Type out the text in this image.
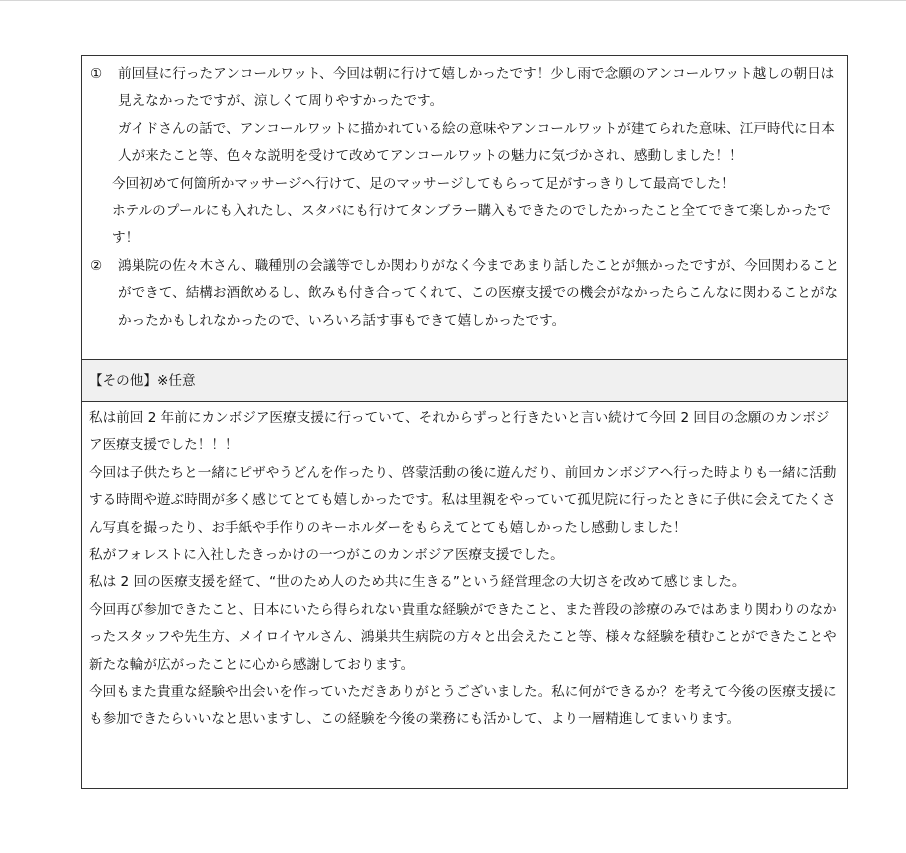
① 前回昼に行ったアンコールワット、今回は朝に行けて嬉しかったです！少し雨で念願のアンコールワット越しの朝日は見えなかったですが、涼しくて周りやすかったです。

ガイドさんの話で、アンコールワットに描かれている絵の意味やアンコールワットが建てられた意味、江戸時代に日本人が来たこと等、色々な説明を受けて改めてアンコールワットの魅力に気づかされ、感動しました！！

今回初めて何箇所かマッサージへ行けて、足のマッサージしてもらって足がすっきりして最高でした！

ホテルのプールにも入れたし、スタバにも行けてタンブラー購入もできたのでしたかったこと全てできて楽しかったです！

② 鴻巣院の佐々木さん、職種別の会議等でしか関わりがなく今まであまり話したことが無かったですが、今回関わることができて、結構お酒飲めるし、飲みも付き合ってくれて、この医療支援での機会がなかったらこんなに関わることがなかったかもしれなかったので、いろいろ話す事もできて嬉しかったです。

【その他】※任意

私は前回 2 年前にカンボジア医療支援に行っていて、それからずっと行きたいと言い続けて今回 2 回目の念願のカンボジア医療支援でした！！！

今回は子供たちと一緒にピザやうどんを作ったり、啓蒙活動の後に遊んだり、前回カンボジアへ行った時よりも一緒に活動する時間や遊ぶ時間が多く感じてとても嬉しかったです。私は里親をやっていて孤児院に行ったときに子供に会えてたくさん写真を撮ったり、お手紙や手作りのキーホルダーをもらえてとても嬉しかったし感動しました！

私がフォレストに入社したきっかけの一つがこのカンボジア医療支援でした。

私は 2 回の医療支援を経て、“世のため人のため共に生きる”という経営理念の大切さを改めて感じました。

今回再び参加できたこと、日本にいたら得られない貴重な経験ができたこと、また普段の診療のみではあまり関わりのなかったスタッフや先生方、メイロイヤルさん、鴻巣共生病院の方々と出会えたこと等、様々な経験を積むことができたことや新たな輪が広がったことに心から感謝しております。

今回もまた貴重な経験や出会いを作っていただきありがとうございました。私に何ができるか？を考えて今後の医療支援にも参加できたらいいなと思いますし、この経験を今後の業務にも活かして、より一層精進してまいります。
